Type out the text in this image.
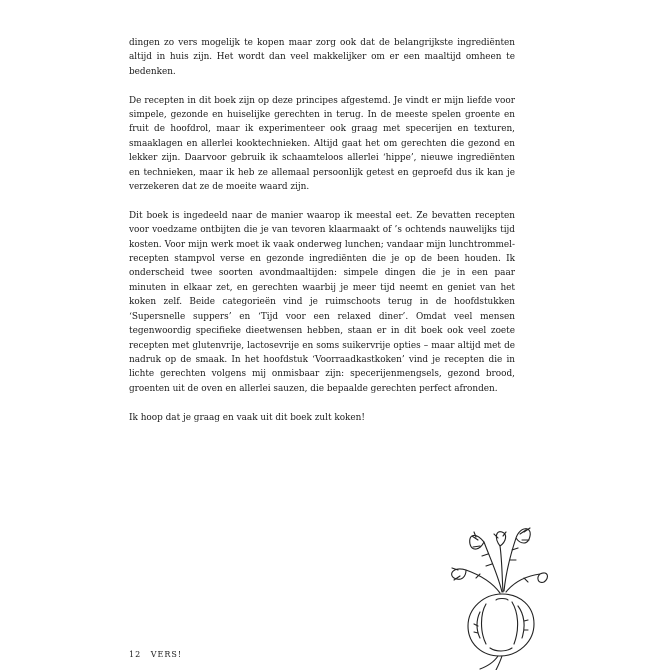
dingen zo vers mogelijk te kopen maar zorg ook dat de belangrijkste ingrediënten altijd in huis zijn. Het wordt dan veel makkelijker om er een maaltijd omheen te bedenken.

De recepten in dit boek zijn op deze principes afgestemd. Je vindt er mijn liefde voor simpele, gezonde en huiselijke gerechten in terug. In de meeste spelen groente en fruit de hoofdrol, maar ik experimenteer ook graag met specerijen en texturen, smaaklagen en allerlei kooktechnieken. Altijd gaat het om gerechten die gezond en lekker zijn. Daarvoor gebruik ik schaamteloos allerlei ‘hippe’, nieuwe ingrediënten en technieken, maar ik heb ze allemaal persoonlijk getest en geproefd dus ik kan je verzekeren dat ze de moeite waard zijn.

Dit boek is ingedeeld naar de manier waarop ik meestal eet. Ze bevatten recepten voor voedzame ontbijten die je van tevoren klaarmaakt of ’s ochtends nauwelijks tijd kosten. Voor mijn werk moet ik vaak onderweg lunchen; vandaar mijn lunchtrommel-recepten stampvol verse en gezonde ingrediënten die je op de been houden. Ik onderscheid twee soorten avondmaaltijden: simpele dingen die je in een paar minuten in elkaar zet, en gerechten waarbij je meer tijd neemt en geniet van het koken zelf. Beide categorieën vind je ruimschoots terug in de hoofdstukken ‘Supersnelle suppers’ en ‘Tijd voor een relaxed diner’. Omdat veel mensen tegenwoordig specifieke dieetwensen hebben, staan er in dit boek ook veel zoete recepten met glutenvrije, lactosevrije en soms suikervrije opties – maar altijd met de nadruk op de smaak. In het hoofdstuk ‘Voorraadkastkoken’ vind je recepten die in lichte gerechten volgens mij onmisbaar zijn: specerijenmengsels, gezond brood, groenten uit de oven en allerlei sauzen, die bepaalde gerechten perfect afronden.

Ik hoop dat je graag en vaak uit dit boek zult koken!

12 VERS!
